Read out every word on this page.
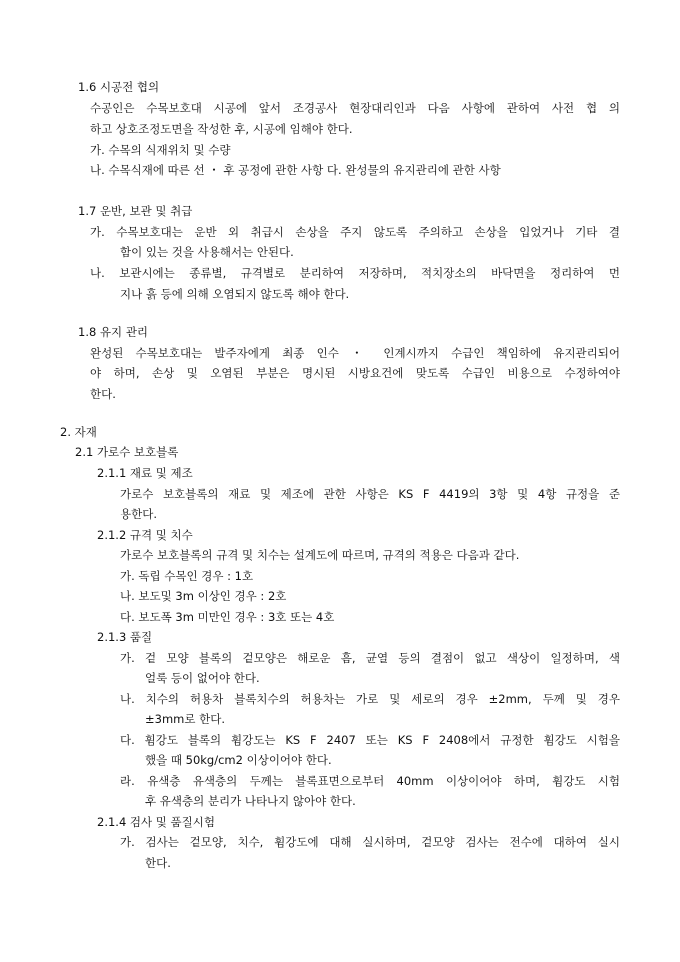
1.6 시공전 협의
수공인은 수목보호대 시공에 앞서 조경공사 현장대리인과 다음 사항에 관하여 사전 협 의
하고 상호조정도면을 작성한 후, 시공에 임해야 한다.
가. 수목의 식재위치 및 수량
나. 수목식재에 따른 선 ・ 후 공정에 관한 사항 다. 완성물의 유지관리에 관한 사항
1.7 운반, 보관 및 취급
가. 수목보호대는 운반 외 취급시 손상을 주지 않도록 주의하고 손상을 입었거나 기타 결
함이 있는 것을 사용해서는 안된다.
나. 보관시에는 종류별, 규격별로 분리하여 저장하며, 적치장소의 바닥면을 정리하여 먼
지나 흙 등에 의해 오염되지 않도록 해야 한다.
1.8 유지 관리
완성된 수목보호대는 발주자에게 최종 인수 ・ 인계시까지 수급인 책임하에 유지관리되어
야 하며, 손상 및 오염된 부분은 명시된 시방요건에 맞도록 수급인 비용으로 수정하여야
한다.
2. 자재
2.1 가로수 보호블록
2.1.1 재료 및 제조
가로수 보호블록의 재료 및 제조에 관한 사항은 KS F 4419의 3항 및 4항 규정을 준
용한다.
2.1.2 규격 및 치수
가로수 보호블록의 규격 및 치수는 설계도에 따르며, 규격의 적용은 다음과 같다.
가. 독립 수목인 경우 : 1호
나. 보도및 3m 이상인 경우 : 2호
다. 보도폭 3m 미만인 경우 : 3호 또는 4호
2.1.3 품질
가. 겉 모양 블록의 겉모양은 해로운 흠, 균열 등의 결점이 없고 색상이 일정하며, 색
얼룩 등이 없어야 한다.
나. 치수의 허용차 블록치수의 허용차는 가로 및 세로의 경우 ±2mm, 두께 및 경우
±3mm로 한다.
다. 휨강도 블록의 휨강도는 KS F 2407 또는 KS F 2408에서 규정한 휨강도 시험을
했을 때 50kg/cm2 이상이어야 한다.
라. 유색층 유색층의 두께는 블록표면으로부터 40mm 이상이어야 하며, 휨강도 시험
후 유색층의 분리가 나타나지 않아야 한다.
2.1.4 검사 및 품질시험
가. 검사는 겉모양, 치수, 휨강도에 대해 실시하며, 겉모양 검사는 전수에 대하여 실시
한다.
